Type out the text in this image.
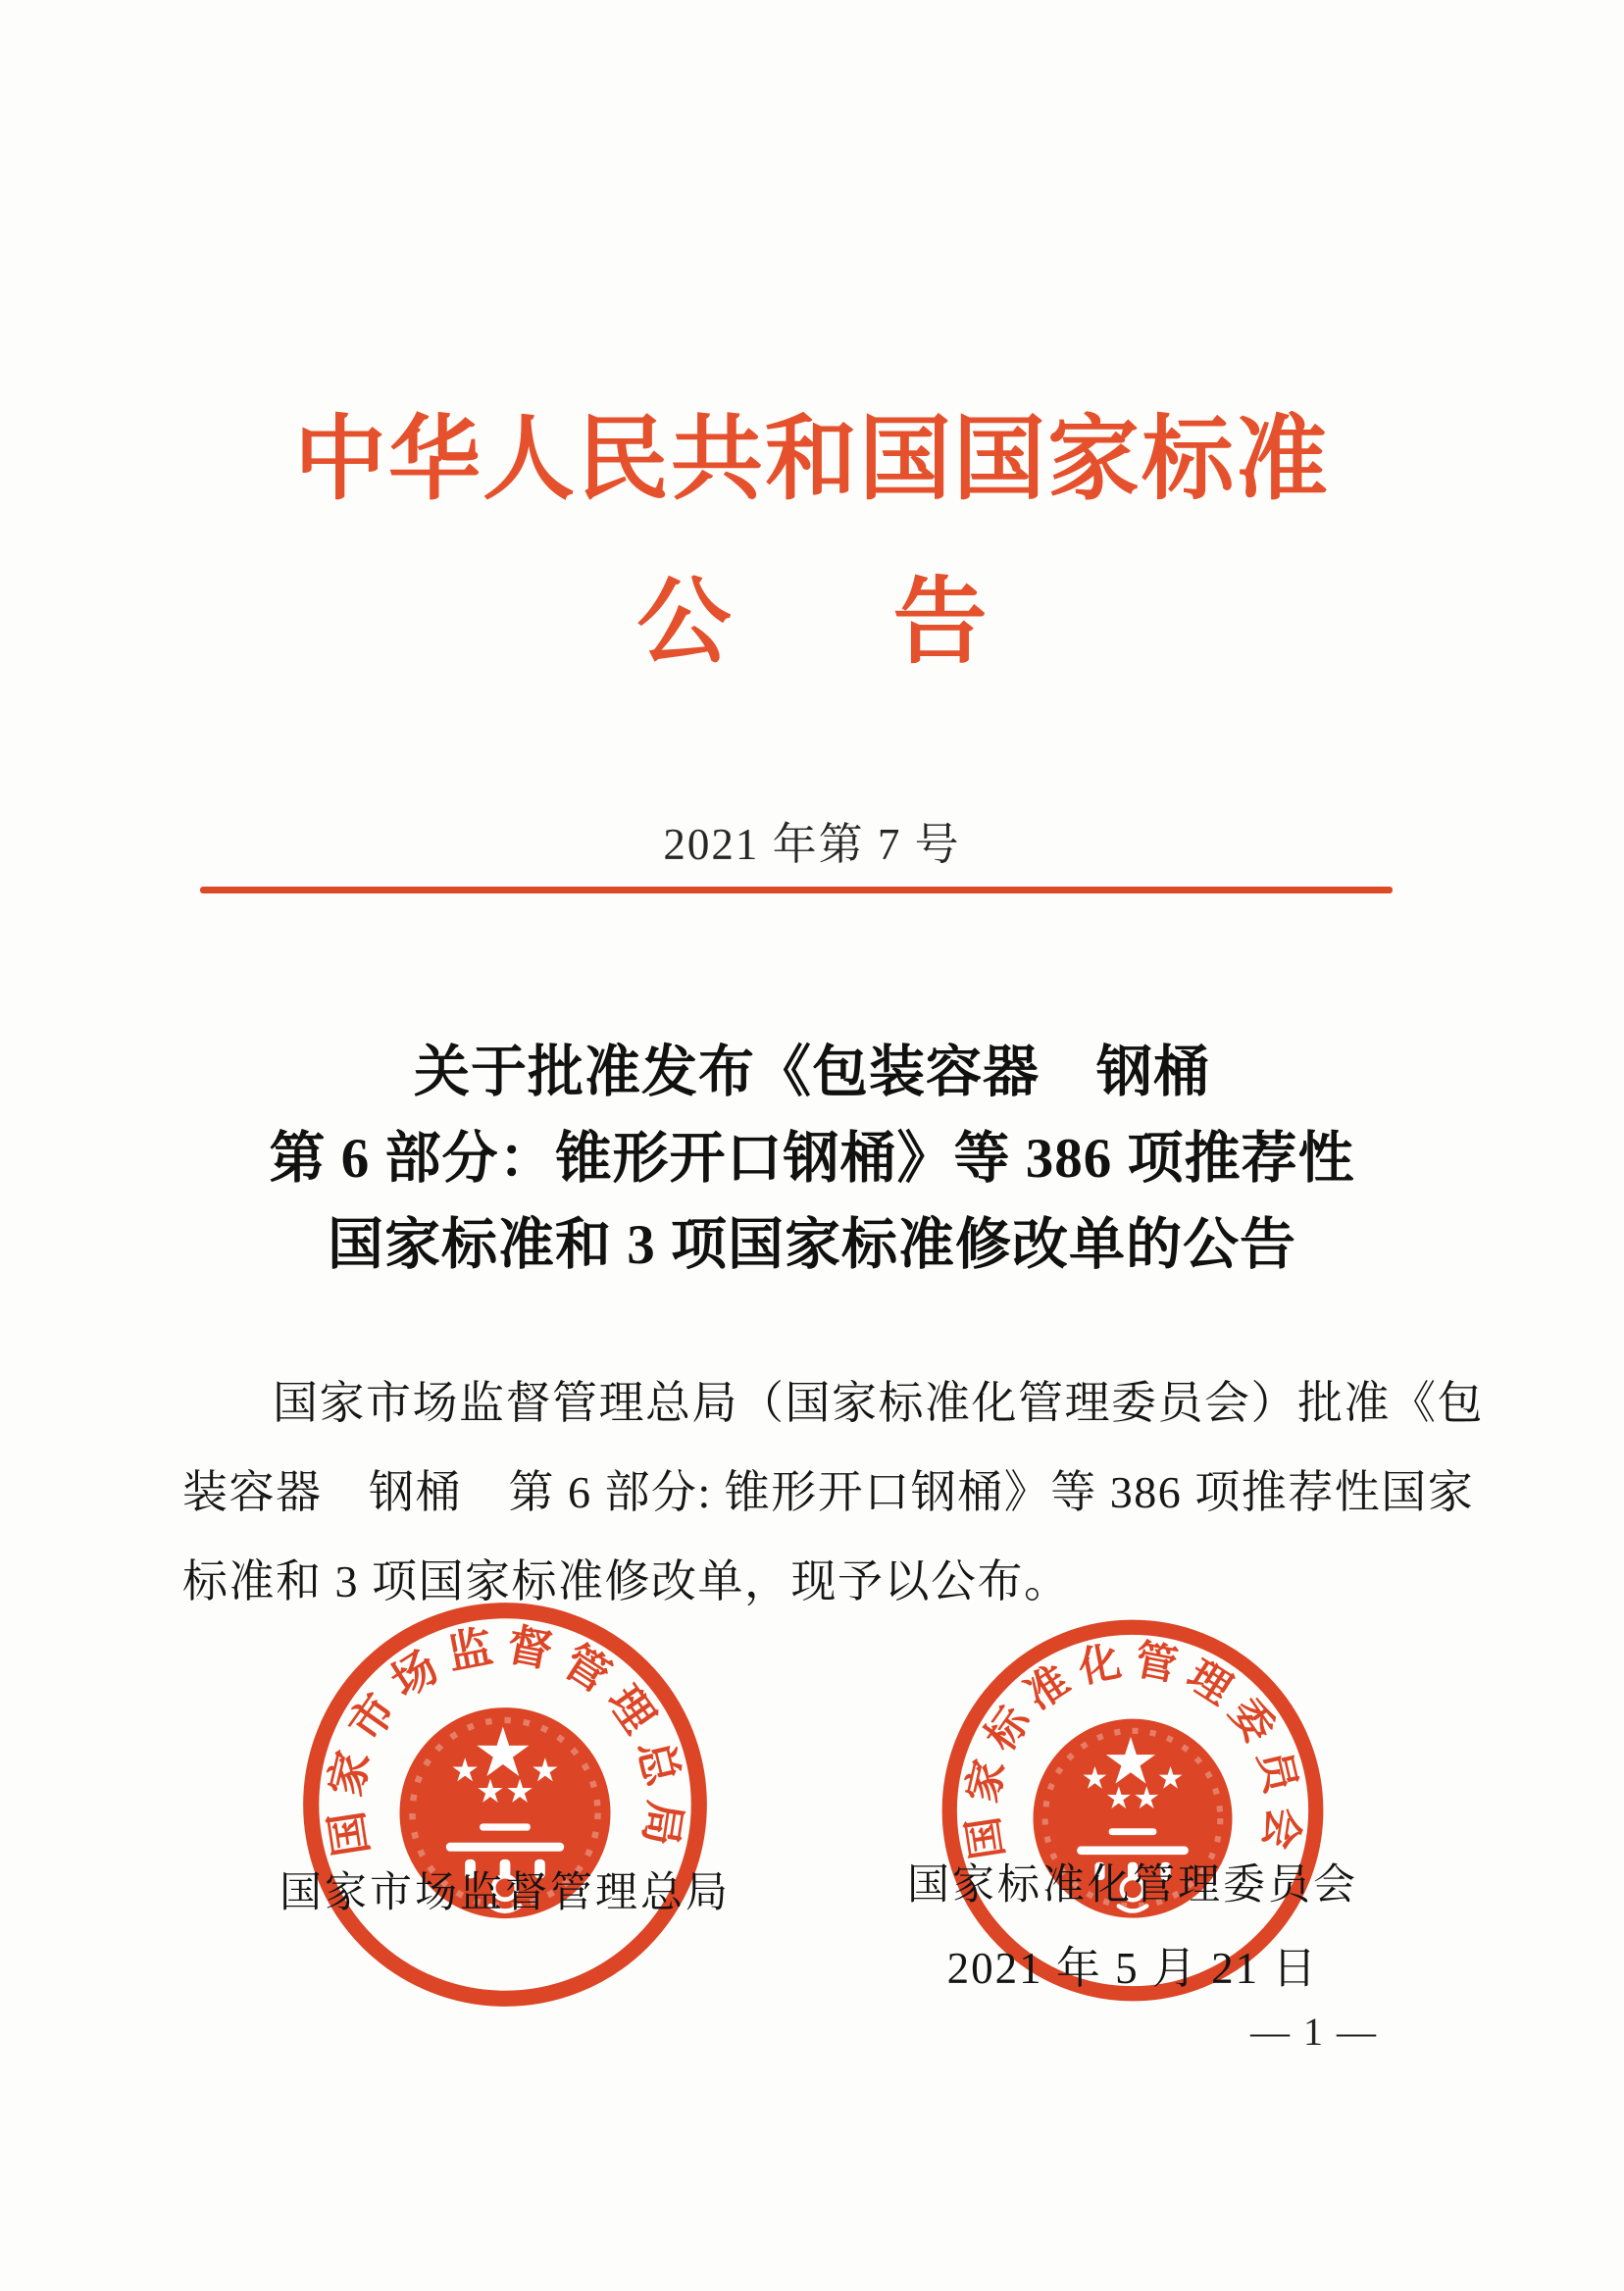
中华人民共和国国家标准
公　告
2021 年第 7 号
关于批准发布《包装容器　钢桶
第 6 部分：锥形开口钢桶》等 386 项推荐性
国家标准和 3 项国家标准修改单的公告
国家市场监督管理总局（国家标准化管理委员会）批准《包
装容器　钢桶　第 6 部分: 锥形开口钢桶》等 386 项推荐性国家
标准和 3 项国家标准修改单，现予以公布。
国家市场监督管理总局	国家标准化管理委员会
国家市场监督管理总局	国家标准化管理委员会
2021 年 5 月 21 日
— 1 —
